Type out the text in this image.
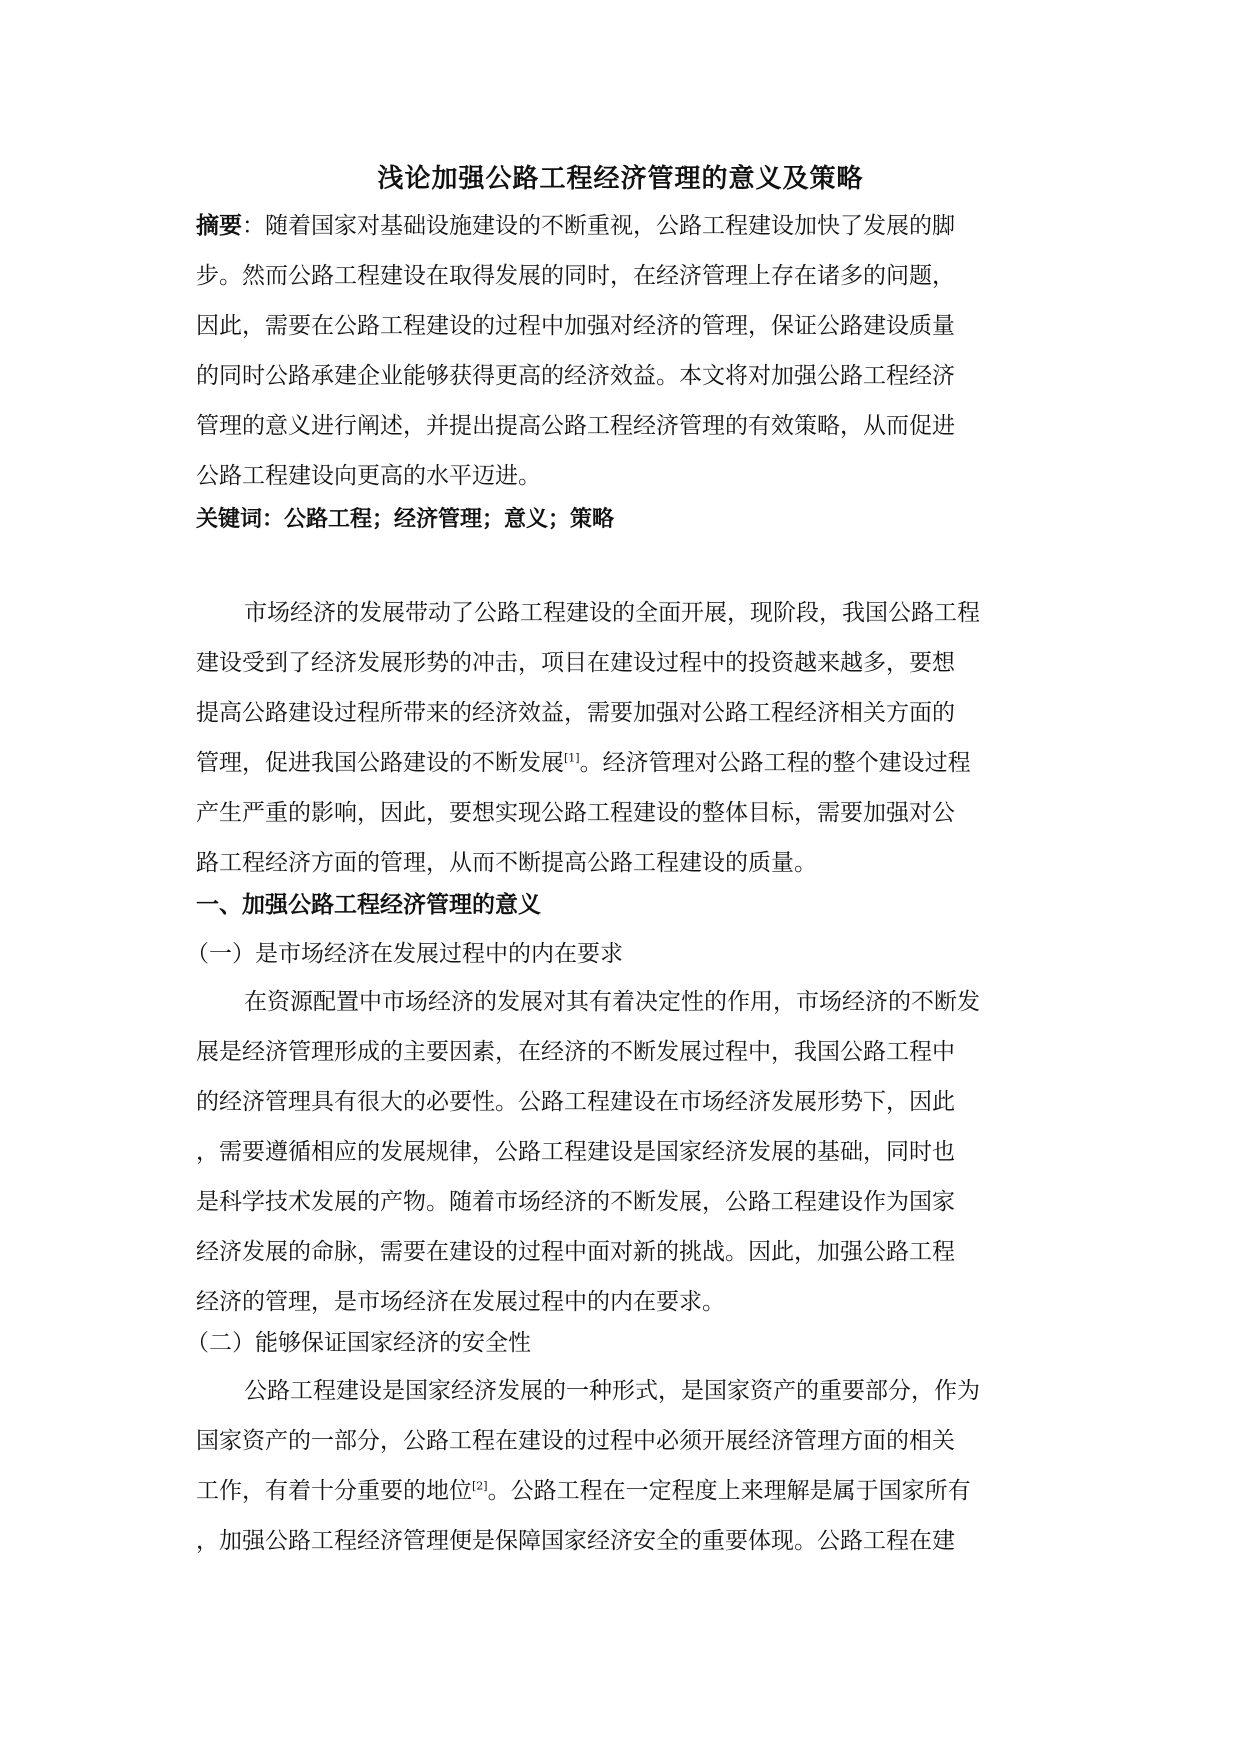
浅论加强公路工程经济管理的意义及策略
摘要：随着国家对基础设施建设的不断重视，公路工程建设加快了发展的脚
步。然而公路工程建设在取得发展的同时，在经济管理上存在诸多的问题，
因此，需要在公路工程建设的过程中加强对经济的管理，保证公路建设质量
的同时公路承建企业能够获得更高的经济效益。本文将对加强公路工程经济
管理的意义进行阐述，并提出提高公路工程经济管理的有效策略，从而促进
公路工程建设向更高的水平迈进。
关键词：公路工程；经济管理；意义；策略
市场经济的发展带动了公路工程建设的全面开展，现阶段，我国公路工程
建设受到了经济发展形势的冲击，项目在建设过程中的投资越来越多，要想
提高公路建设过程所带来的经济效益，需要加强对公路工程经济相关方面的
管理，促进我国公路建设的不断发展[1]。经济管理对公路工程的整个建设过程
产生严重的影响，因此，要想实现公路工程建设的整体目标，需要加强对公
路工程经济方面的管理，从而不断提高公路工程建设的质量。
一、加强公路工程经济管理的意义
（一）是市场经济在发展过程中的内在要求
在资源配置中市场经济的发展对其有着决定性的作用，市场经济的不断发
展是经济管理形成的主要因素，在经济的不断发展过程中，我国公路工程中
的经济管理具有很大的必要性。公路工程建设在市场经济发展形势下，因此
，需要遵循相应的发展规律，公路工程建设是国家经济发展的基础，同时也
是科学技术发展的产物。随着市场经济的不断发展，公路工程建设作为国家
经济发展的命脉，需要在建设的过程中面对新的挑战。因此，加强公路工程
经济的管理，是市场经济在发展过程中的内在要求。
（二）能够保证国家经济的安全性
公路工程建设是国家经济发展的一种形式，是国家资产的重要部分，作为
国家资产的一部分，公路工程在建设的过程中必须开展经济管理方面的相关
工作，有着十分重要的地位[2]。公路工程在一定程度上来理解是属于国家所有
，加强公路工程经济管理便是保障国家经济安全的重要体现。公路工程在建
